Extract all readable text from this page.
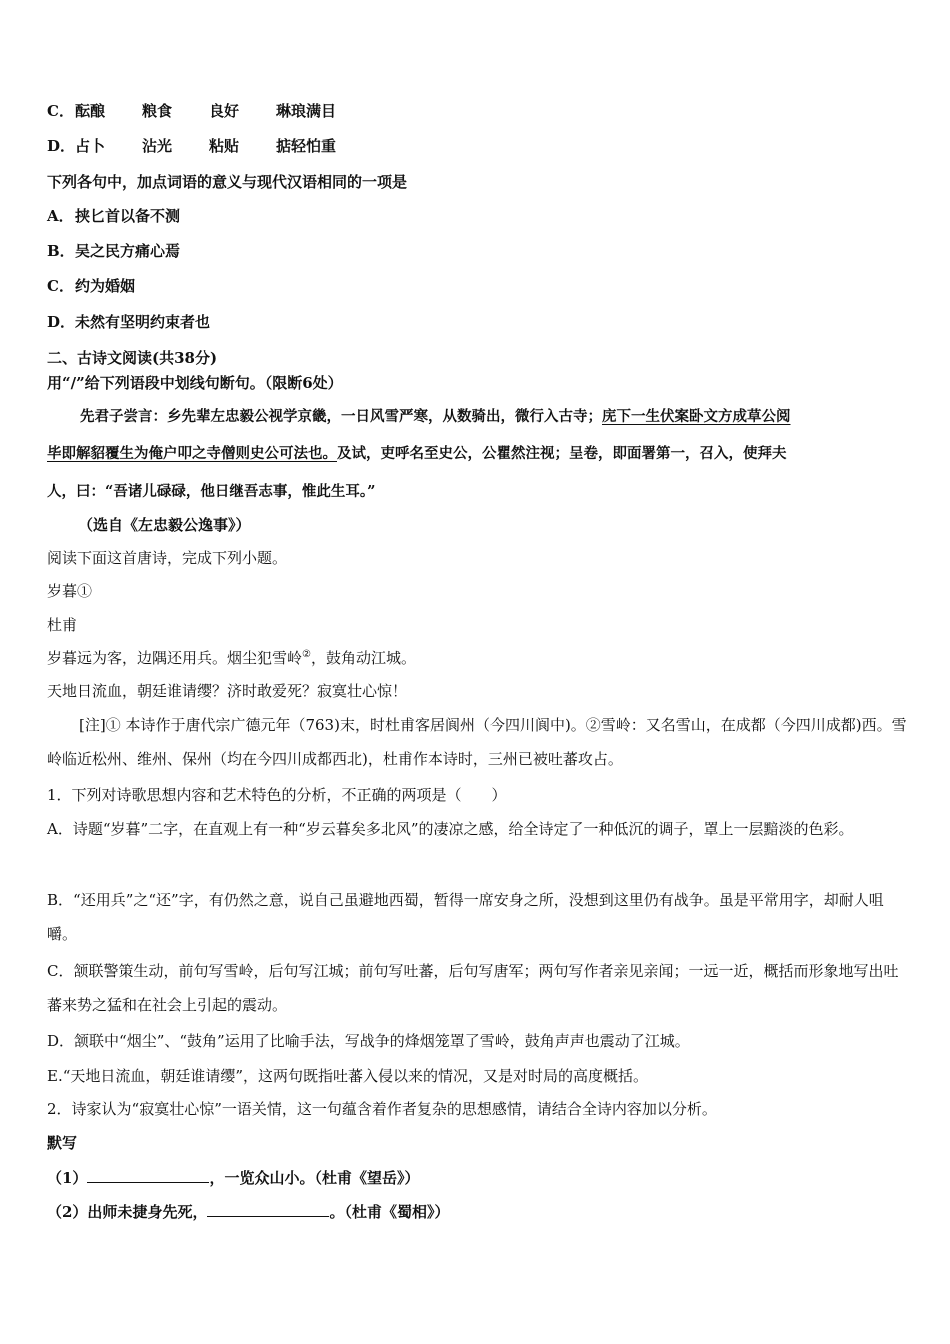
C．酝酿 粮食 良好 琳琅满目
D．占卜 沾光 粘贴 掂轻怕重
下列各句中，加点词语的意义与现代汉语相同的一项是
A．挟匕首以备不测
B．吴之民方痛心焉
C．约为婚姻
D．未然有坚明约束者也
二、古诗文阅读(共38分)
用“/”给下列语段中划线句断句。（限断6处）
先君子尝言：乡先辈左忠毅公视学京畿，一日风雪严寒，从数骑出，微行入古寺；庑下一生伏案卧文方成草公阅
毕即解貂覆生为俺户叩之寺僧则史公可法也。及试，吏呼名至史公，公瞿然注视；呈卷，即面署第一，召入，使拜夫
人，曰：“吾诸儿碌碌，他日继吾志事，惟此生耳。”
（选自《左忠毅公逸事》）
阅读下面这首唐诗，完成下列小题。
岁暮①
杜甫
岁暮远为客，边隅还用兵。烟尘犯雪岭②，鼓角动江城。
天地日流血，朝廷谁请缨？济时敢爱死？寂寞壮心惊！
[注]① 本诗作于唐代宗广德元年（763)末，时杜甫客居阆州（今四川阆中)。②雪岭：又名雪山，在成都（今四川成都)西。雪岭临近松州、维州、保州（均在今四川成都西北)，杜甫作本诗时，三州已被吐蕃攻占。
1．下列对诗歌思想内容和艺术特色的分析，不正确的两项是（　　）
A．诗题“岁暮”二字，在直观上有一种“岁云暮矣多北风”的凄凉之感，给全诗定了一种低沉的调子，罩上一层黯淡的色彩。
B．“还用兵”之“还”字，有仍然之意，说自己虽避地西蜀，暂得一席安身之所，没想到这里仍有战争。虽是平常用字，却耐人咀嚼。
C．颔联警策生动，前句写雪岭，后句写江城；前句写吐蕃，后句写唐军；两句写作者亲见亲闻；一远一近，概括而形象地写出吐蕃来势之猛和在社会上引起的震动。
D．颔联中“烟尘”、“鼓角”运用了比喻手法，写战争的烽烟笼罩了雪岭，鼓角声声也震动了江城。
E.“天地日流血，朝廷谁请缨”，这两句既指吐蕃入侵以来的情况，又是对时局的高度概括。
2．诗家认为“寂寞壮心惊”一语关情，这一句蕴含着作者复杂的思想感情，请结合全诗内容加以分析。
默写
（1）	，一览众山小。（杜甫《望岳》）
（2）出师未捷身先死，	。（杜甫《蜀相》）
